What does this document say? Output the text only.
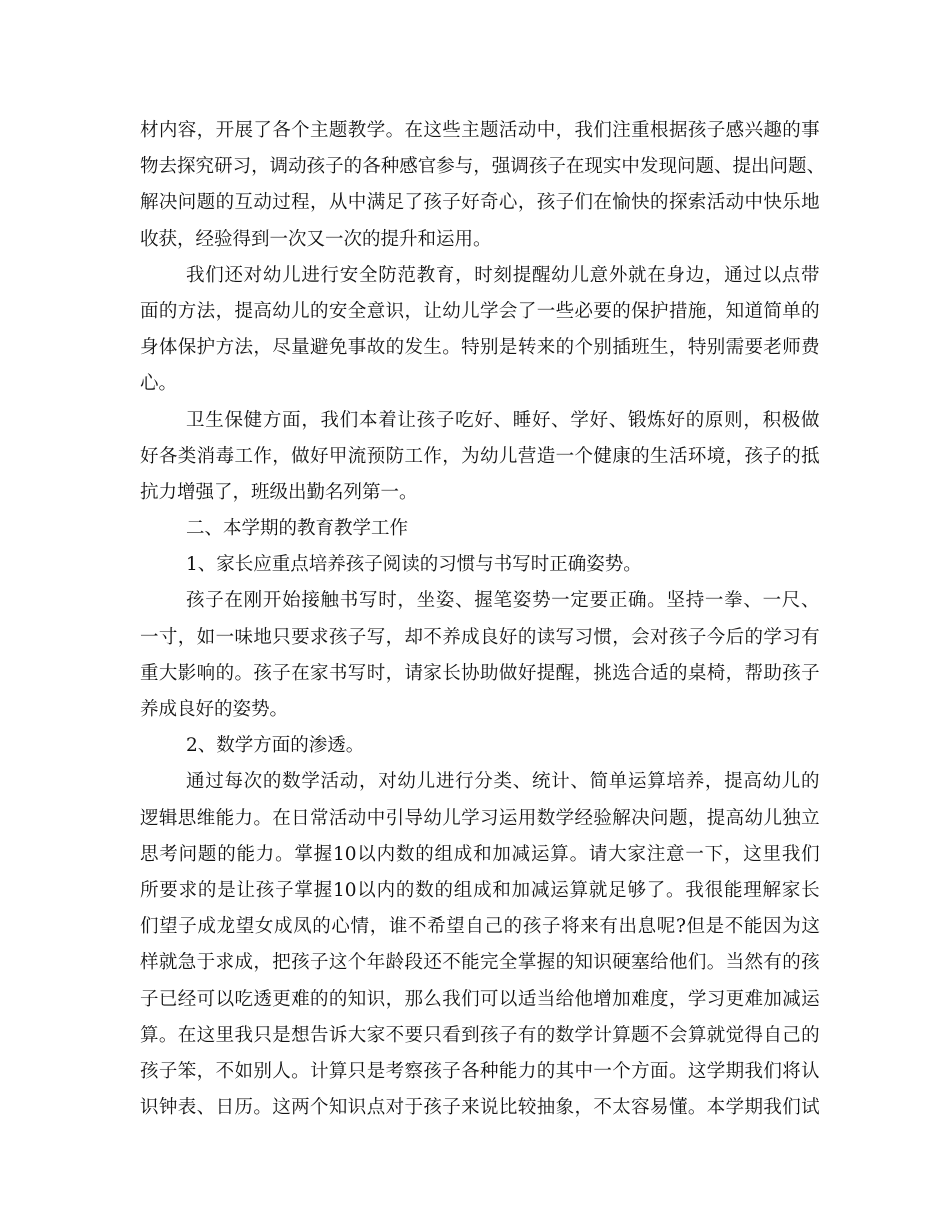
材 内 容 ， 开 展 了 各 个 主 题 教 学 。 在 这 些 主 题 活 动 中 ， 我 们 注 重 根 据 孩 子 感 兴 趣 的 事
物 去 探 究 研 习 ， 调 动 孩 子 的 各 种 感 官 参 与 ， 强 调 孩 子 在 现 实 中 发 现 问 题 、 提 出 问 题 、
解 决 问 题 的 互 动 过 程 ， 从 中 满 足 了 孩 子 好 奇 心 ， 孩 子 们 在 愉 快 的 探 索 活 动 中 快 乐 地
收获，经验得到一次又一次的提升和运用。
我 们 还 对 幼 儿 进 行 安 全 防 范 教 育 ， 时 刻 提 醒 幼 儿 意 外 就 在 身 边 ， 通 过 以 点 带
面 的 方 法 ， 提 高 幼 儿 的 安 全 意 识 ， 让 幼 儿 学 会 了 一 些 必 要 的 保 护 措 施 ， 知 道 简 单 的
身 体 保 护 方 法 ， 尽 量 避 免 事 故 的 发 生 。 特 别 是 转 来 的 个 别 插 班 生 ， 特 别 需 要 老 师 费
心。
卫 生 保 健 方 面 ， 我 们 本 着 让 孩 子 吃 好 、 睡 好 、 学 好 、 锻 炼 好 的 原 则 ， 积 极 做
好 各 类 消 毒 工 作 ， 做 好 甲 流 预 防 工 作 ， 为 幼 儿 营 造 一 个 健 康 的 生 活 环 境 ， 孩 子 的 抵
抗力增强了，班级出勤名列第一。
二、本学期的教育教学工作
1、家长应重点培养孩子阅读的习惯与书写时正确姿势。
孩 子 在 刚 开 始 接 触 书 写 时 ， 坐 姿 、 握 笔 姿 势 一 定 要 正 确 。 坚 持 一 拳 、 一 尺 、
一 寸 ， 如 一 味 地 只 要 求 孩 子 写 ， 却 不 养 成 良 好 的 读 写 习 惯 ， 会 对 孩 子 今 后 的 学 习 有
重 大 影 响 的 。 孩 子 在 家 书 写 时 ， 请 家 长 协 助 做 好 提 醒 ， 挑 选 合 适 的 桌 椅 ， 帮 助 孩 子
养成良好的姿势。
2、数学方面的渗透。
通 过 每 次 的 数 学 活 动 ， 对 幼 儿 进 行 分 类 、 统 计 、 简 单 运 算 培 养 ， 提 高 幼 儿 的
逻 辑 思 维 能 力 。 在 日 常 活 动 中 引 导 幼 儿 学 习 运 用 数 学 经 验 解 决 问 题 ， 提 高 幼 儿 独 立
思 考 问 题 的 能 力 。 掌 握 10 以 内 数 的 组 成 和 加 减 运 算 。 请 大 家 注 意 一 下 ， 这 里 我 们
所 要 求 的 是 让 孩 子 掌 握 10 以 内 的 数 的 组 成 和 加 减 运 算 就 足 够 了 。 我 很 能 理 解 家 长
们 望 子 成 龙 望 女 成 凤 的 心 情 ， 谁 不 希 望 自 己 的 孩 子 将 来 有 出 息 呢 ? 但 是 不 能 因 为 这
样 就 急 于 求 成 ， 把 孩 子 这 个 年 龄 段 还 不 能 完 全 掌 握 的 知 识 硬 塞 给 他 们 。 当 然 有 的 孩
子 已 经 可 以 吃 透 更 难 的 的 知 识 ， 那 么 我 们 可 以 适 当 给 他 增 加 难 度 ， 学 习 更 难 加 减 运
算 。 在 这 里 我 只 是 想 告 诉 大 家 不 要 只 看 到 孩 子 有 的 数 学 计 算 题 不 会 算 就 觉 得 自 己 的
孩 子 笨 ， 不 如 别 人 。 计 算 只 是 考 察 孩 子 各 种 能 力 的 其 中 一 个 方 面 。 这 学 期 我 们 将 认
识 钟 表 、 日 历 。 这 两 个 知 识 点 对 于 孩 子 来 说 比 较 抽 象 ， 不 太 容 易 懂 。 本 学 期 我 们 试
